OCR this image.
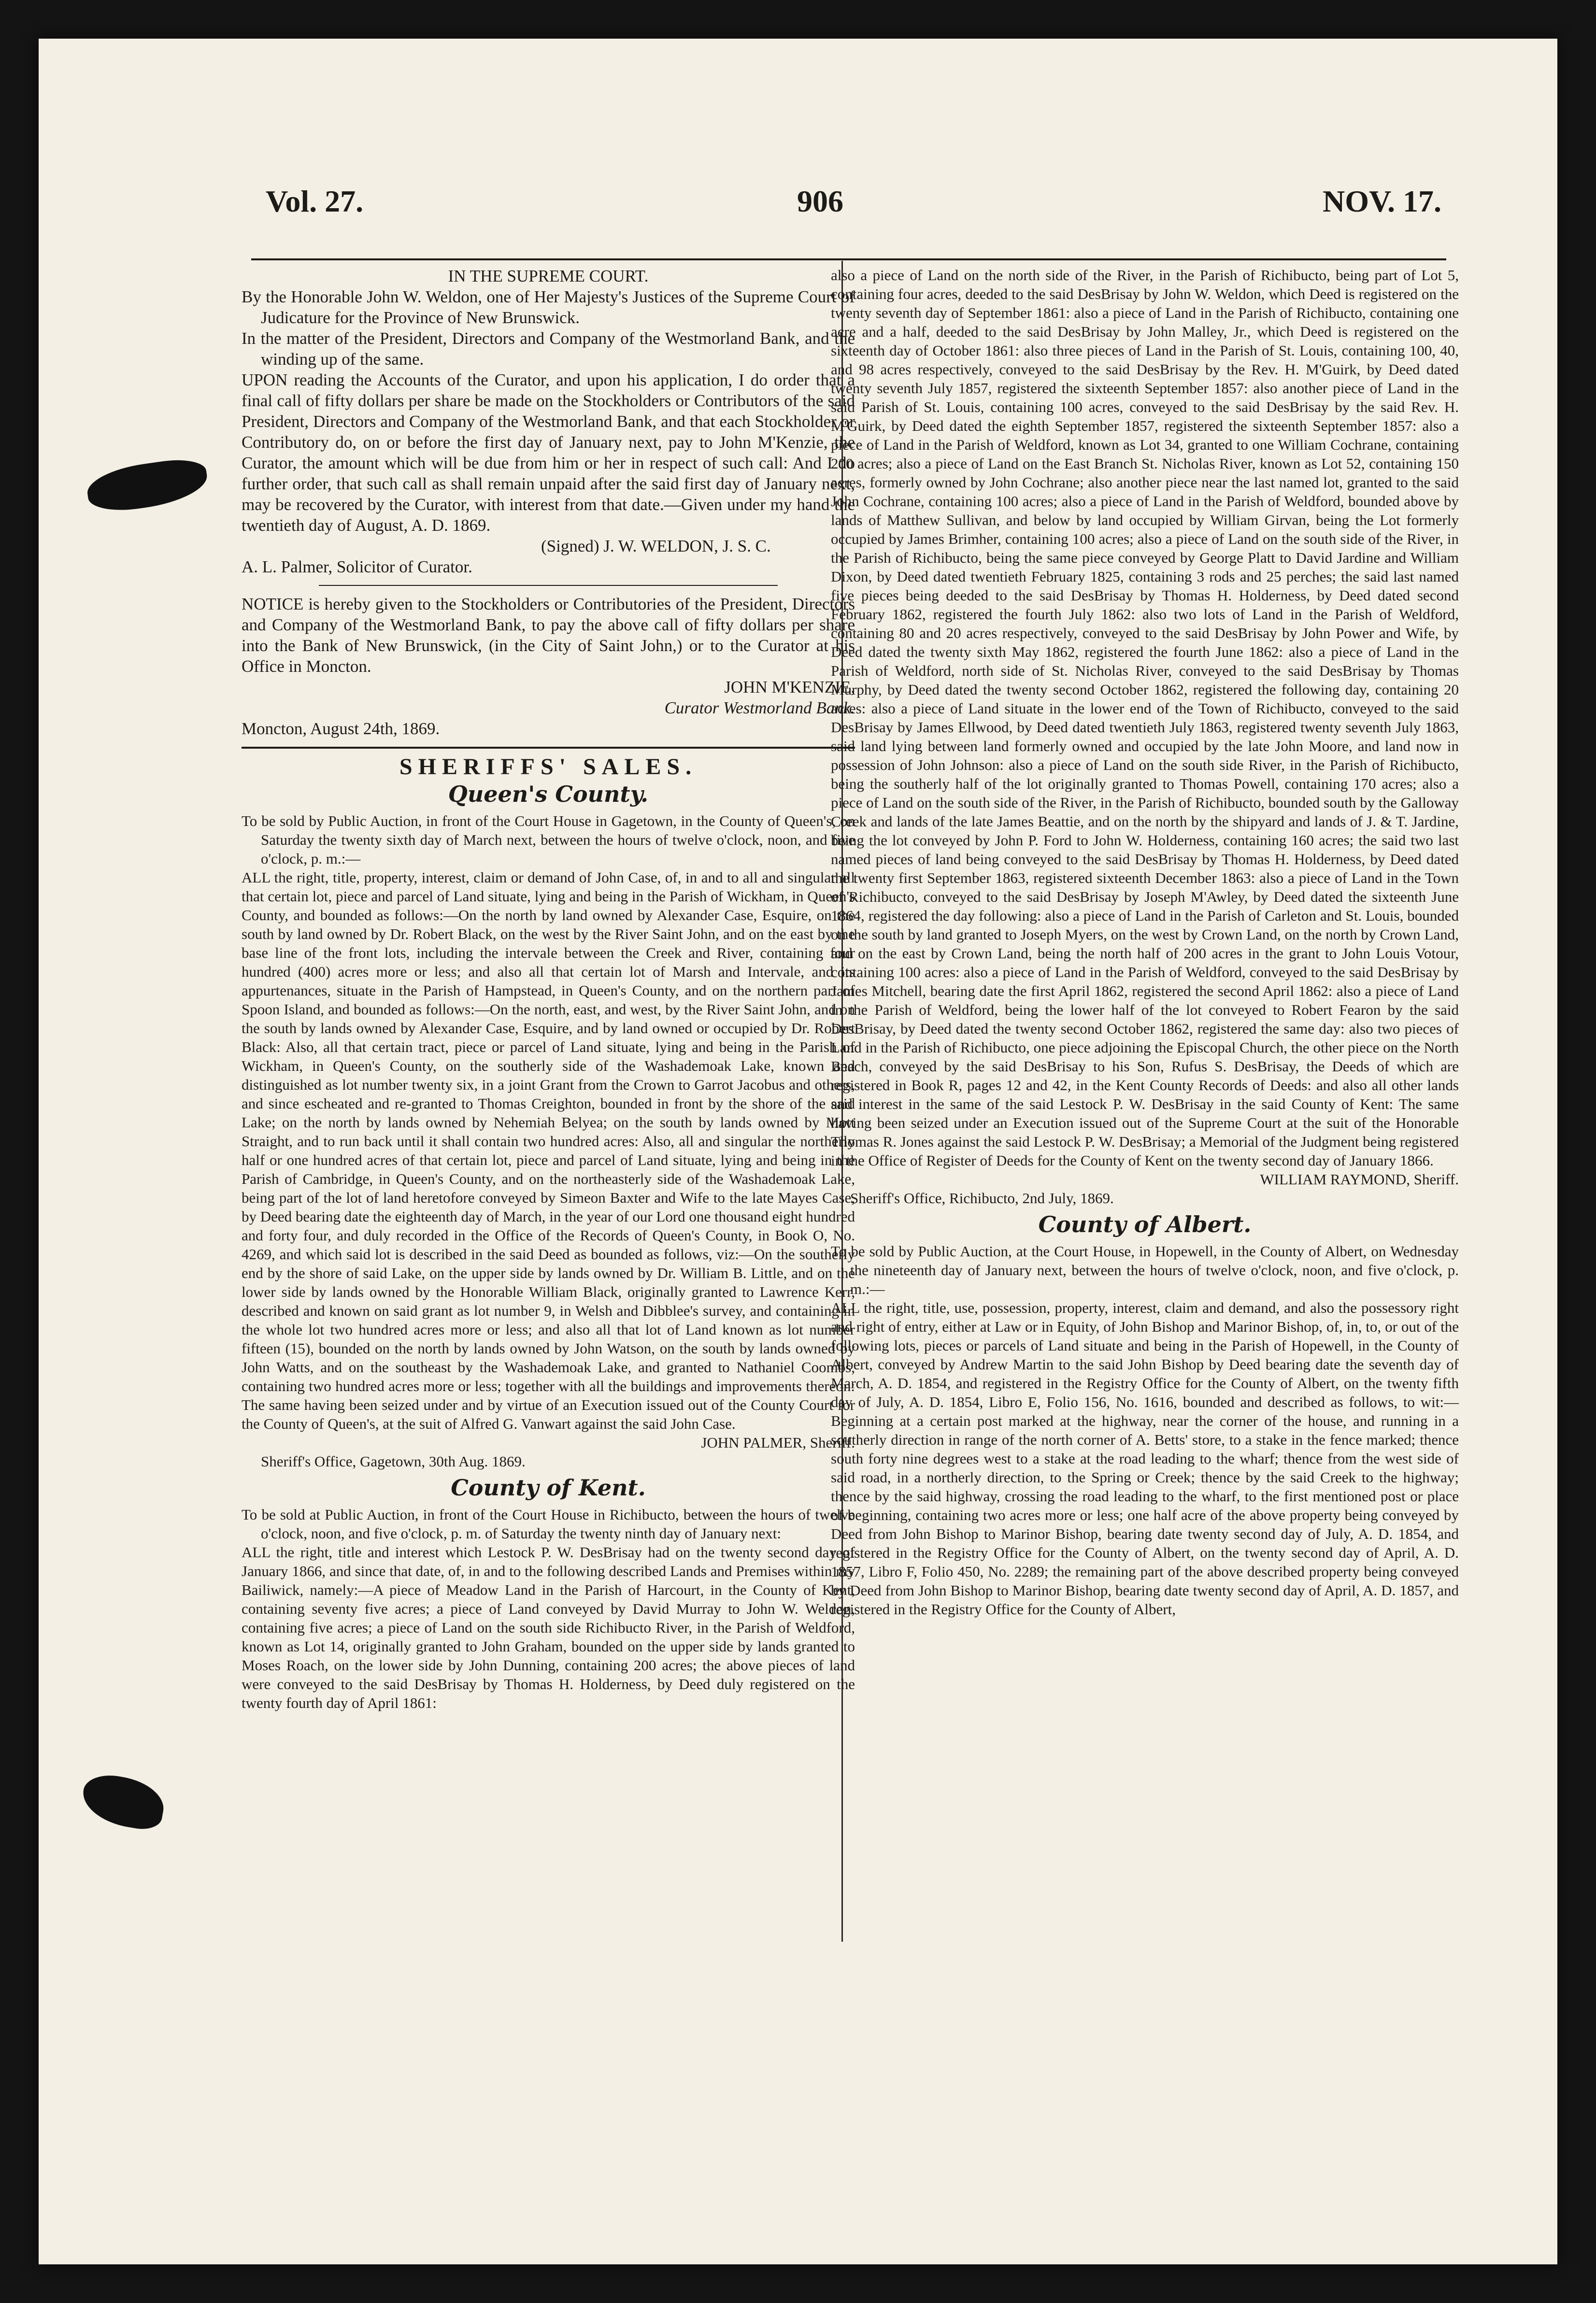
Vol. 27.	906	NOV. 17.

IN THE SUPREME COURT.

By the Honorable John W. Weldon, one of Her Majesty's Justices of the Supreme Court of Judicature for the Province of New Brunswick.

In the matter of the President, Directors and Company of the Westmorland Bank, and the winding up of the same.

UPON reading the Accounts of the Curator, and upon his application, I do order that a final call of fifty dollars per share be made on the Stockholders or Contributors of the said President, Directors and Company of the Westmorland Bank, and that each Stockholder or Contributory do, on or before the first day of January next, pay to John M'Kenzie, the Curator, the amount which will be due from him or her in respect of such call: And I do further order, that such call as shall remain unpaid after the said first day of January next, may be recovered by the Curator, with interest from that date.—Given under my hand the twentieth day of August, A. D. 1869.

(Signed) J. W. WELDON, J. S. C.

A. L. Palmer, Solicitor of Curator.

NOTICE is hereby given to the Stockholders or Contributories of the President, Directors and Company of the Westmorland Bank, to pay the above call of fifty dollars per share into the Bank of New Brunswick, (in the City of Saint John,) or to the Curator at his Office in Moncton.

JOHN M'KENZIE,

Curator Westmorland Bank.

Moncton, August 24th, 1869.

SHERIFFS' SALES.

Queen's County.

To be sold by Public Auction, in front of the Court House in Gagetown, in the County of Queen's, on Saturday the twenty sixth day of March next, between the hours of twelve o'clock, noon, and five o'clock, p. m.:—

ALL the right, title, property, interest, claim or demand of John Case, of, in and to all and singular all that certain lot, piece and parcel of Land situate, lying and being in the Parish of Wickham, in Queen's County, and bounded as follows:—On the north by land owned by Alexander Case, Esquire, on the south by land owned by Dr. Robert Black, on the west by the River Saint John, and on the east by the base line of the front lots, including the intervale between the Creek and River, containing four hundred (400) acres more or less; and also all that certain lot of Marsh and Intervale, and its appurtenances, situate in the Parish of Hampstead, in Queen's County, and on the northern part of Spoon Island, and bounded as follows:—On the north, east, and west, by the River Saint John, and on the south by lands owned by Alexander Case, Esquire, and by land owned or occupied by Dr. Robert Black: Also, all that certain tract, piece or parcel of Land situate, lying and being in the Parish of Wickham, in Queen's County, on the southerly side of the Washademoak Lake, known and distinguished as lot number twenty six, in a joint Grant from the Crown to Garrot Jacobus and others, and since escheated and re-granted to Thomas Creighton, bounded in front by the shore of the said Lake; on the north by lands owned by Nehemiah Belyea; on the south by lands owned by Mott Straight, and to run back until it shall contain two hundred acres: Also, all and singular the northerly half or one hundred acres of that certain lot, piece and parcel of Land situate, lying and being in the Parish of Cambridge, in Queen's County, and on the northeasterly side of the Washademoak Lake, being part of the lot of land heretofore conveyed by Simeon Baxter and Wife to the late Mayes Case, by Deed bearing date the eighteenth day of March, in the year of our Lord one thousand eight hundred and forty four, and duly recorded in the Office of the Records of Queen's County, in Book O, No. 4269, and which said lot is described in the said Deed as bounded as follows, viz:—On the southerly end by the shore of said Lake, on the upper side by lands owned by Dr. William B. Little, and on the lower side by lands owned by the Honorable William Black, originally granted to Lawrence Kerr, described and known on said grant as lot number 9, in Welsh and Dibblee's survey, and containing in the whole lot two hundred acres more or less; and also all that lot of Land known as lot number fifteen (15), bounded on the north by lands owned by John Watson, on the south by lands owned by John Watts, and on the southeast by the Washademoak Lake, and granted to Nathaniel Coombs, containing two hundred acres more or less; together with all the buildings and improvements thereon: The same having been seized under and by virtue of an Execution issued out of the County Court for the County of Queen's, at the suit of Alfred G. Vanwart against the said John Case.

JOHN PALMER, Sheriff.

Sheriff's Office, Gagetown, 30th Aug. 1869.

County of Kent.

To be sold at Public Auction, in front of the Court House in Richibucto, between the hours of twelve o'clock, noon, and five o'clock, p. m. of Saturday the twenty ninth day of January next:

ALL the right, title and interest which Lestock P. W. DesBrisay had on the twenty second day of January 1866, and since that date, of, in and to the following described Lands and Premises within my Bailiwick, namely:—A piece of Meadow Land in the Parish of Harcourt, in the County of Kent, containing seventy five acres; a piece of Land conveyed by David Murray to John W. Weldon, containing five acres; a piece of Land on the south side Richibucto River, in the Parish of Weldford, known as Lot 14, originally granted to John Graham, bounded on the upper side by lands granted to Moses Roach, on the lower side by John Dunning, containing 200 acres; the above pieces of land were conveyed to the said DesBrisay by Thomas H. Holderness, by Deed duly registered on the twenty fourth day of April 1861:

also a piece of Land on the north side of the River, in the Parish of Richibucto, being part of Lot 5, containing four acres, deeded to the said DesBrisay by John W. Weldon, which Deed is registered on the twenty seventh day of September 1861: also a piece of Land in the Parish of Richibucto, containing one acre and a half, deeded to the said DesBrisay by John Malley, Jr., which Deed is registered on the sixteenth day of October 1861: also three pieces of Land in the Parish of St. Louis, containing 100, 40, and 98 acres respectively, conveyed to the said DesBrisay by the Rev. H. M'Guirk, by Deed dated twenty seventh July 1857, registered the sixteenth September 1857: also another piece of Land in the said Parish of St. Louis, containing 100 acres, conveyed to the said DesBrisay by the said Rev. H. M'Guirk, by Deed dated the eighth September 1857, registered the sixteenth September 1857: also a piece of Land in the Parish of Weldford, known as Lot 34, granted to one William Cochrane, containing 200 acres; also a piece of Land on the East Branch St. Nicholas River, known as Lot 52, containing 150 acres, formerly owned by John Cochrane; also another piece near the last named lot, granted to the said John Cochrane, containing 100 acres; also a piece of Land in the Parish of Weldford, bounded above by lands of Matthew Sullivan, and below by land occupied by William Girvan, being the Lot formerly occupied by James Brimher, containing 100 acres; also a piece of Land on the south side of the River, in the Parish of Richibucto, being the same piece conveyed by George Platt to David Jardine and William Dixon, by Deed dated twentieth February 1825, containing 3 rods and 25 perches; the said last named five pieces being deeded to the said DesBrisay by Thomas H. Holderness, by Deed dated second February 1862, registered the fourth July 1862: also two lots of Land in the Parish of Weldford, containing 80 and 20 acres respectively, conveyed to the said DesBrisay by John Power and Wife, by Deed dated the twenty sixth May 1862, registered the fourth June 1862: also a piece of Land in the Parish of Weldford, north side of St. Nicholas River, conveyed to the said DesBrisay by Thomas Murphy, by Deed dated the twenty second October 1862, registered the following day, containing 20 acres: also a piece of Land situate in the lower end of the Town of Richibucto, conveyed to the said DesBrisay by James Ellwood, by Deed dated twentieth July 1863, registered twenty seventh July 1863, said land lying between land formerly owned and occupied by the late John Moore, and land now in possession of John Johnson: also a piece of Land on the south side River, in the Parish of Richibucto, being the southerly half of the lot originally granted to Thomas Powell, containing 170 acres; also a piece of Land on the south side of the River, in the Parish of Richibucto, bounded south by the Galloway Creek and lands of the late James Beattie, and on the north by the shipyard and lands of J. & T. Jardine, being the lot conveyed by John P. Ford to John W. Holderness, containing 160 acres; the said two last named pieces of land being conveyed to the said DesBrisay by Thomas H. Holderness, by Deed dated the twenty first September 1863, registered sixteenth December 1863: also a piece of Land in the Town of Richibucto, conveyed to the said DesBrisay by Joseph M'Awley, by Deed dated the sixteenth June 1864, registered the day following: also a piece of Land in the Parish of Carleton and St. Louis, bounded on the south by land granted to Joseph Myers, on the west by Crown Land, on the north by Crown Land, and on the east by Crown Land, being the north half of 200 acres in the grant to John Louis Votour, containing 100 acres: also a piece of Land in the Parish of Weldford, conveyed to the said DesBrisay by James Mitchell, bearing date the first April 1862, registered the second April 1862: also a piece of Land in the Parish of Weldford, being the lower half of the lot conveyed to Robert Fearon by the said DesBrisay, by Deed dated the twenty second October 1862, registered the same day: also two pieces of Land in the Parish of Richibucto, one piece adjoining the Episcopal Church, the other piece on the North Beach, conveyed by the said DesBrisay to his Son, Rufus S. DesBrisay, the Deeds of which are registered in Book R, pages 12 and 42, in the Kent County Records of Deeds: and also all other lands and interest in the same of the said Lestock P. W. DesBrisay in the said County of Kent: The same having been seized under an Execution issued out of the Supreme Court at the suit of the Honorable Thomas R. Jones against the said Lestock P. W. DesBrisay; a Memorial of the Judgment being registered in the Office of Register of Deeds for the County of Kent on the twenty second day of January 1866.

WILLIAM RAYMOND, Sheriff.

Sheriff's Office, Richibucto, 2nd July, 1869.

County of Albert.

To be sold by Public Auction, at the Court House, in Hopewell, in the County of Albert, on Wednesday the nineteenth day of January next, between the hours of twelve o'clock, noon, and five o'clock, p. m.:—

ALL the right, title, use, possession, property, interest, claim and demand, and also the possessory right and right of entry, either at Law or in Equity, of John Bishop and Marinor Bishop, of, in, to, or out of the following lots, pieces or parcels of Land situate and being in the Parish of Hopewell, in the County of Albert, conveyed by Andrew Martin to the said John Bishop by Deed bearing date the seventh day of March, A. D. 1854, and registered in the Registry Office for the County of Albert, on the twenty fifth day of July, A. D. 1854, Libro E, Folio 156, No. 1616, bounded and described as follows, to wit:—Beginning at a certain post marked at the highway, near the corner of the house, and running in a southerly direction in range of the north corner of A. Betts' store, to a stake in the fence marked; thence south forty nine degrees west to a stake at the road leading to the wharf; thence from the west side of said road, in a northerly direction, to the Spring or Creek; thence by the said Creek to the highway; thence by the said highway, crossing the road leading to the wharf, to the first mentioned post or place of beginning, containing two acres more or less; one half acre of the above property being conveyed by Deed from John Bishop to Marinor Bishop, bearing date twenty second day of July, A. D. 1854, and registered in the Registry Office for the County of Albert, on the twenty second day of April, A. D. 1857, Libro F, Folio 450, No. 2289; the remaining part of the above described property being conveyed by Deed from John Bishop to Marinor Bishop, bearing date twenty second day of April, A. D. 1857, and registered in the Registry Office for the County of Albert,
